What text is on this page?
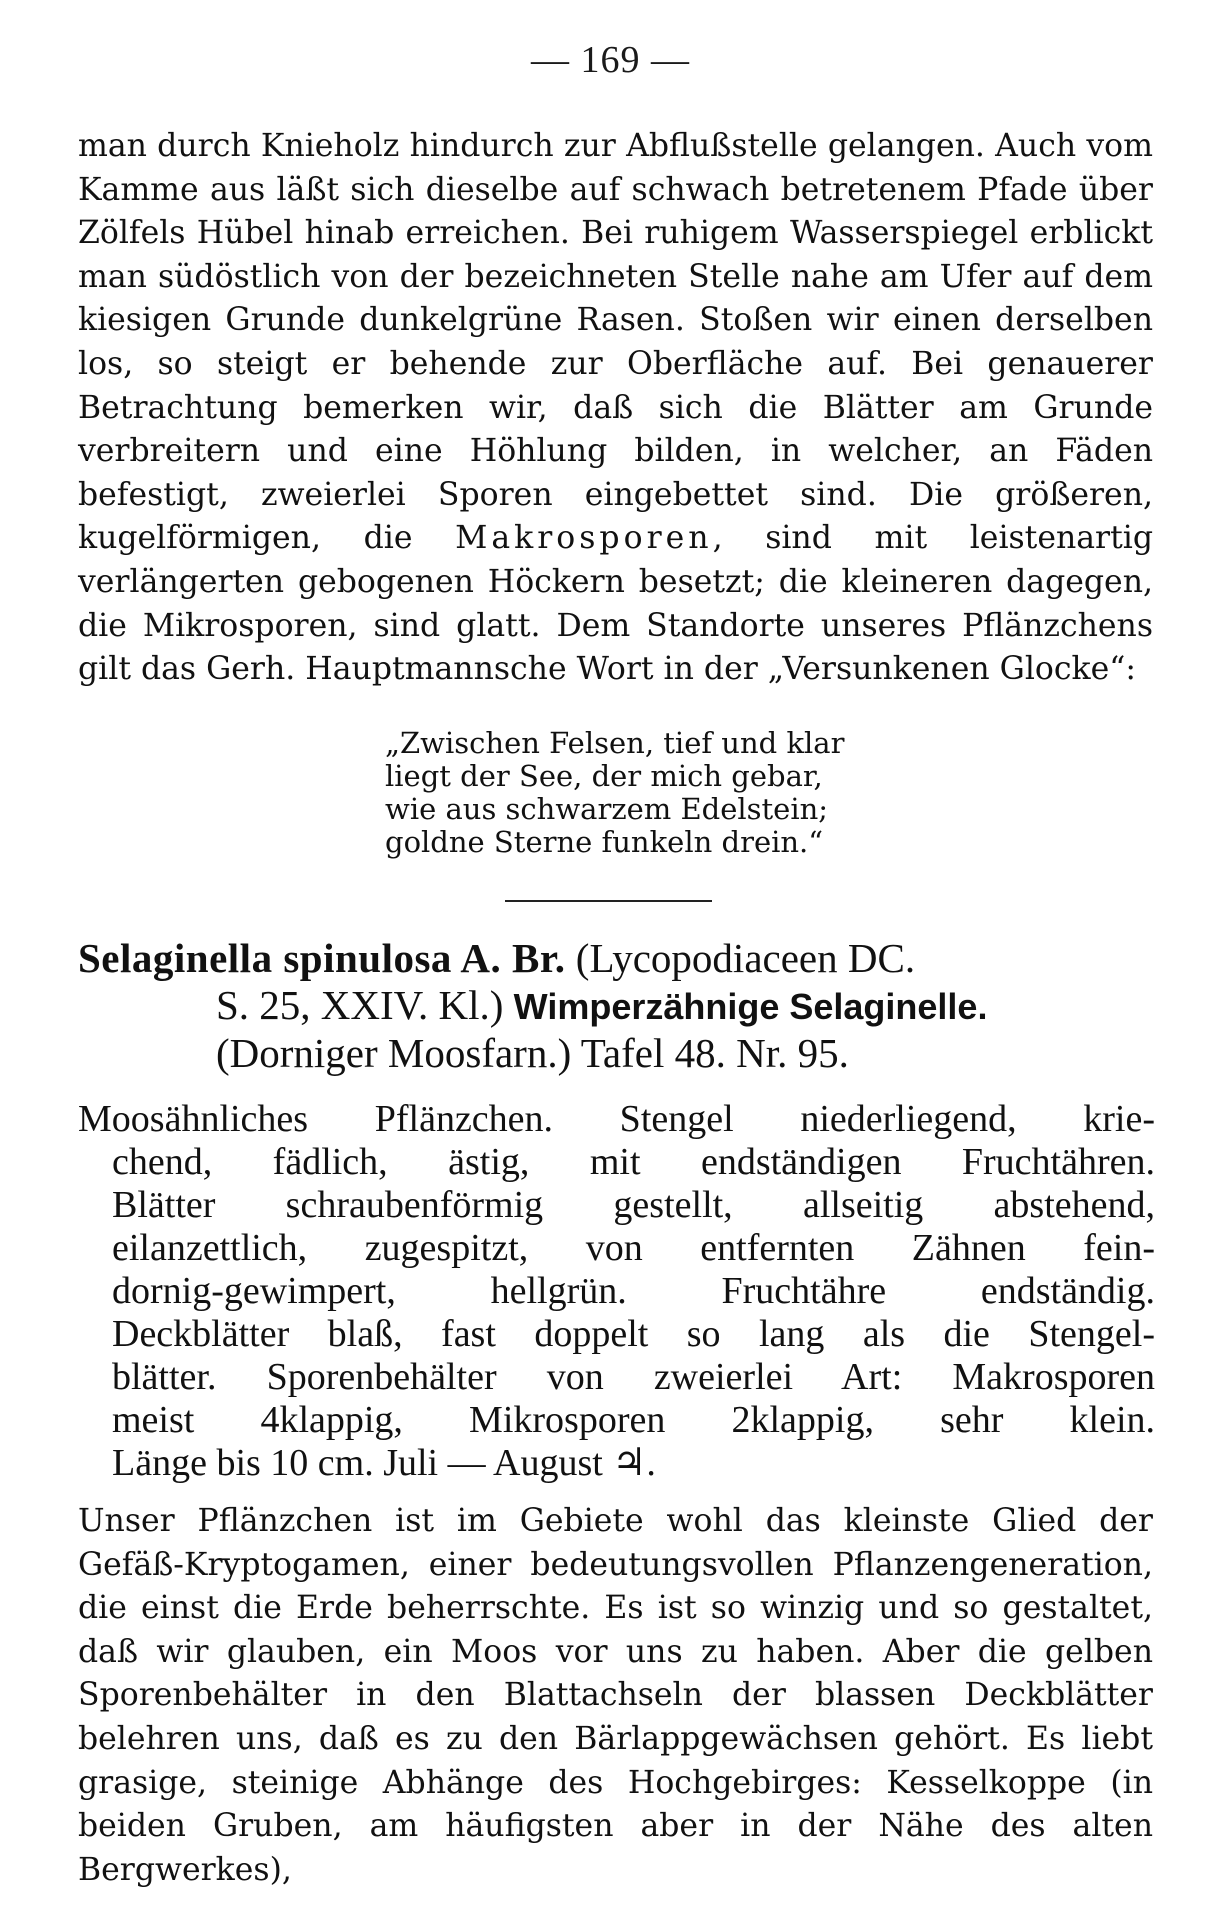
— 169 —
man durch Knieholz hindurch zur Abflußstelle gelangen. Auch vom Kamme aus läßt sich dieselbe auf schwach betretenem Pfade über Zölfels Hübel hinab erreichen. Bei ruhigem Wasserspiegel erblickt man südöstlich von der bezeichneten Stelle nahe am Ufer auf dem kiesigen Grunde dunkelgrüne Rasen. Stoßen wir einen derselben los, so steigt er behende zur Oberfläche auf. Bei genauerer Betrachtung bemerken wir, daß sich die Blätter am Grunde verbreitern und eine Höhlung bilden, in welcher, an Fäden befestigt, zweierlei Sporen eingebettet sind. Die größeren, kugelförmigen, die Makrosporen, sind mit leistenartig verlängerten gebogenen Höckern besetzt; die kleineren dagegen, die Mikrosporen, sind glatt. Dem Standorte unseres Pflänzchens gilt das Gerh. Hauptmannsche Wort in der „Versunkenen Glocke“:
„Zwischen Felsen, tief und klar
liegt der See, der mich gebar,
wie aus schwarzem Edelstein;
goldne Sterne funkeln drein.“
Selaginella spinulosa A. Br. (Lycopodiaceen DC.
S. 25, XXIV. Kl.) Wimperzähnige Selaginelle.
(Dorniger Moosfarn.) Tafel 48. Nr. 95.
Moosähnliches Pflänzchen. Stengel niederliegend, krie-
chend, fädlich, ästig, mit endständigen Fruchtähren.
Blätter schraubenförmig gestellt, allseitig abstehend,
eilanzettlich, zugespitzt, von entfernten Zähnen fein-
dornig-gewimpert, hellgrün. Fruchtähre endständig.
Deckblätter blaß, fast doppelt so lang als die Stengel-
blätter. Sporenbehälter von zweierlei Art: Makrosporen
meist 4klappig, Mikrosporen 2klappig, sehr klein.
Länge bis 10 cm. Juli — August ♃.
Unser Pflänzchen ist im Gebiete wohl das kleinste Glied der Gefäß-Kryptogamen, einer bedeutungsvollen Pflanzengeneration, die einst die Erde beherrschte. Es ist so winzig und so gestaltet, daß wir glauben, ein Moos vor uns zu haben. Aber die gelben Sporenbehälter in den Blattachseln der blassen Deckblätter belehren uns, daß es zu den Bärlappgewächsen gehört. Es liebt grasige, steinige Abhänge des Hochgebirges: Kesselkoppe (in beiden Gruben, am häufigsten aber in der Nähe des alten Bergwerkes),
